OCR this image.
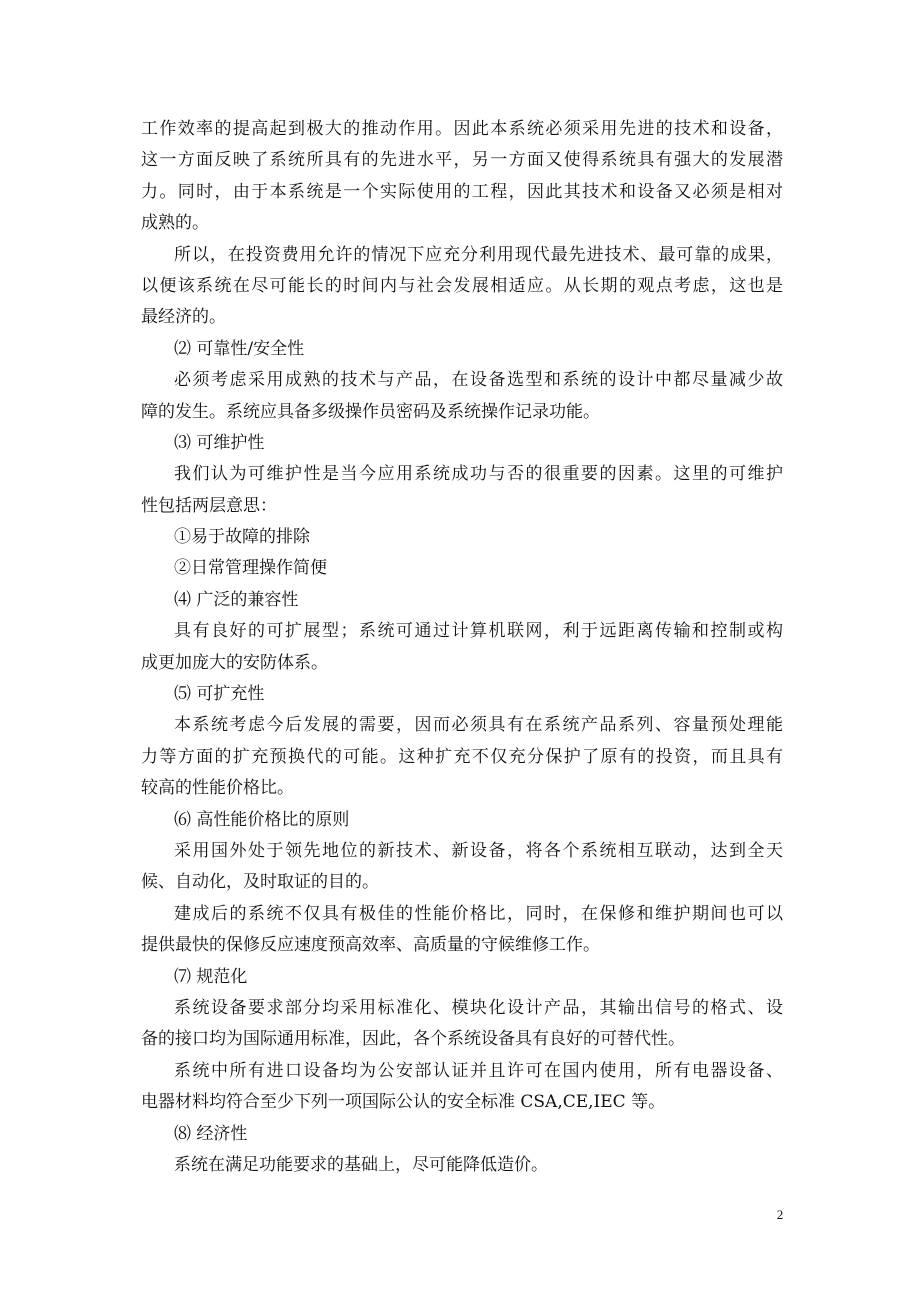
工作效率的提高起到极大的推动作用。因此本系统必须采用先进的技术和设备，
这一方面反映了系统所具有的先进水平，另一方面又使得系统具有强大的发展潜
力。同时，由于本系统是一个实际使用的工程，因此其技术和设备又必须是相对
成熟的。
所以，在投资费用允许的情况下应充分利用现代最先进技术、最可靠的成果，
以便该系统在尽可能长的时间内与社会发展相适应。从长期的观点考虑，这也是
最经济的。
⑵ 可靠性/安全性
必须考虑采用成熟的技术与产品，在设备选型和系统的设计中都尽量减少故
障的发生。系统应具备多级操作员密码及系统操作记录功能。
⑶ 可维护性
我们认为可维护性是当今应用系统成功与否的很重要的因素。这里的可维护
性包括两层意思：
①易于故障的排除
②日常管理操作简便
⑷ 广泛的兼容性
具有良好的可扩展型；系统可通过计算机联网，利于远距离传输和控制或构
成更加庞大的安防体系。
⑸ 可扩充性
本系统考虑今后发展的需要，因而必须具有在系统产品系列、容量预处理能
力等方面的扩充预换代的可能。这种扩充不仅充分保护了原有的投资，而且具有
较高的性能价格比。
⑹ 高性能价格比的原则
采用国外处于领先地位的新技术、新设备，将各个系统相互联动，达到全天
候、自动化，及时取证的目的。
建成后的系统不仅具有极佳的性能价格比，同时，在保修和维护期间也可以
提供最快的保修反应速度预高效率、高质量的守候维修工作。
⑺ 规范化
系统设备要求部分均采用标准化、模块化设计产品，其输出信号的格式、设
备的接口均为国际通用标准，因此，各个系统设备具有良好的可替代性。
系统中所有进口设备均为公安部认证并且许可在国内使用，所有电器设备、
电器材料均符合至少下列一项国际公认的安全标准 CSA,CE,IEC 等。
⑻ 经济性
系统在满足功能要求的基础上，尽可能降低造价。
2
